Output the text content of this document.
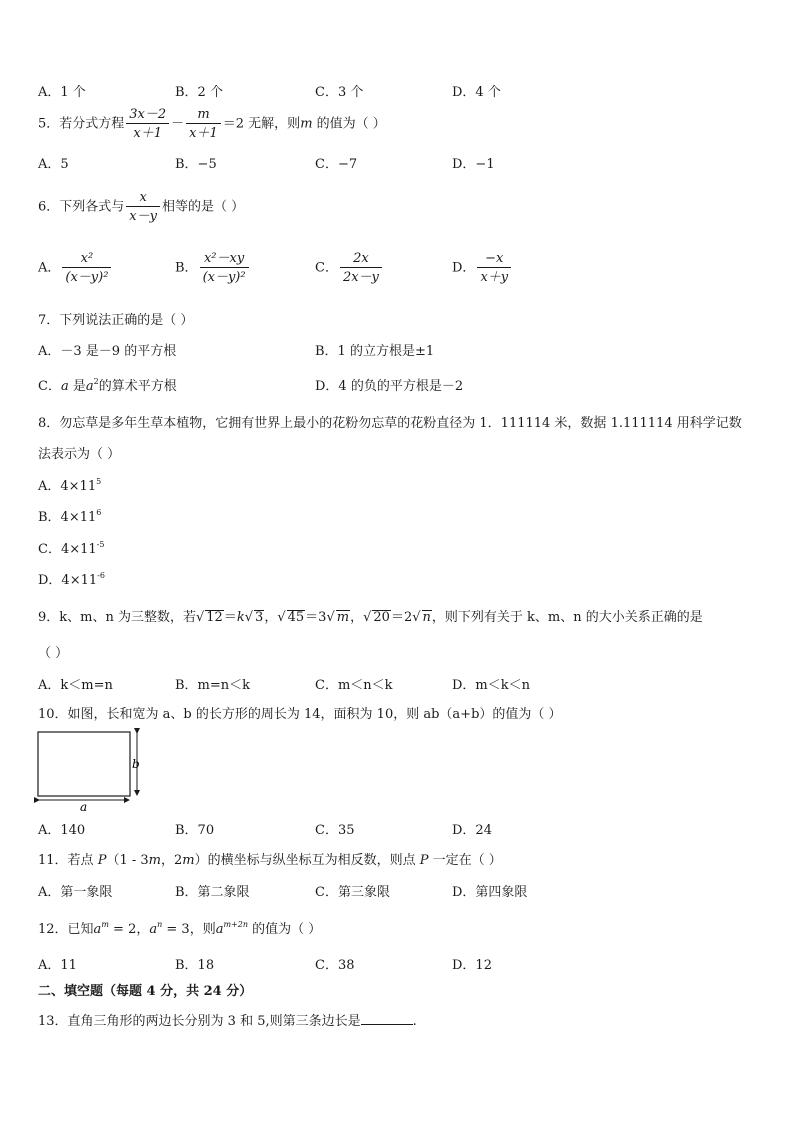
A．1 个	B．2 个	C．3 个	D．4 个
5．若分式方程 $\frac{3x-2}{x+1} - \frac{m}{x+1} =2$ 无解，则m 的值为（ ）
A．5	B．−5	C．−7	D．−1
6．下列各式与 $\frac{x}{x-y}$ 相等的是（ ）
A． $\frac{\text{x²}}{\text{(x－y)²}}$	B． $\frac{\text{x²－xy}}{\text{(x－y)²}}$	C． $\frac{2x}{2x-y}$	D． $\frac{-x}{x+y}$
7．下列说法正确的是（ ）
A．－3 是－9 的平方根	B．1 的立方根是±1
C．a 是$a^2$的算术平方根	D．4 的负的平方根是－2
8．勿忘草是多年生草本植物，它拥有世界上最小的花粉勿忘草的花粉直径为 1．111114 米，数据 1.111114 用科学记数
法表示为（ ）
A．$4\times 11^5$
B．$4\times 11^6$
C．$4\times 11^{-5}$
D．$4\times 11^{-6}$
9．k、m、n 为三整数，若√ 12＝k√ 3，√ 45＝3√ m，√ 20＝2√ n，则下列有关于 k、m、n 的大小关系正确的是
（ ）
A．k＜m=n	B．m=n＜k	C．m＜n＜k	D．m＜k＜n
10．如图，长和宽为 a、b 的长方形的周长为 14，面积为 10，则 ab（a+b）的值为（ ）
a
b
A．140	B．70	C．35	D．24
11．若点 P（1 - 3m，2m）的横坐标与纵坐标互为相反数，则点 P 一定在（ ）
A．第一象限	B．第二象限	C．第三象限	D．第四象限
12．已知$a^m = 2$，$a^n = 3$，则$a^{m+2n}$ 的值为（ ）
A．11	B．18	C．38	D．12
二、填空题（每题 4 分，共 24 分）
13．直角三角形的两边长分别为 3 和 5,则第三条边长是	.
